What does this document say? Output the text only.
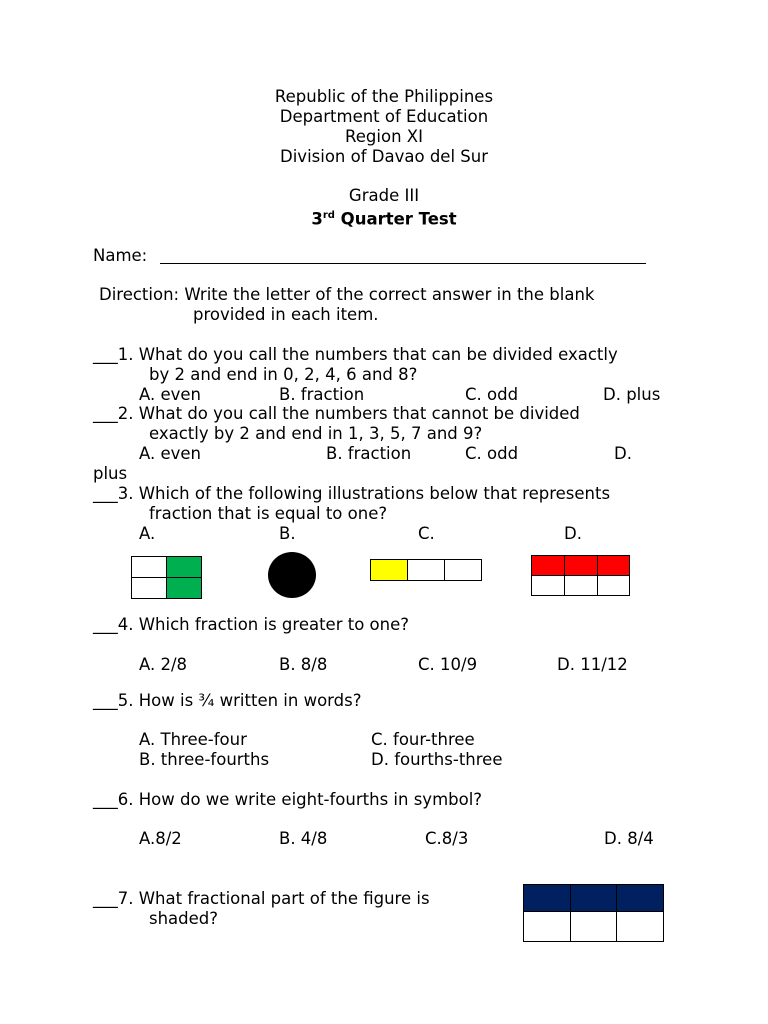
Republic of the Philippines
Department of Education
Region XI
Division of Davao del Sur
Grade III
3rd Quarter Test
Name:
Direction: Write the letter of the correct answer in the blank
provided in each item.
___1. What do you call the numbers that can be divided exactly
by 2 and end in 0, 2, 4, 6 and 8?
A. even	B. fraction	C. odd	D. plus
___2. What do you call the numbers that cannot be divided
exactly by 2 and end in 1, 3, 5, 7 and 9?
A. even	B. fraction	C. odd	D.
plus
___3. Which of the following illustrations below that represents
fraction that is equal to one?
A.	B.	C.	D.
___4. Which fraction is greater to one?
A. 2/8	B. 8/8	C. 10/9	D. 11/12
___5. How is ¾ written in words?
A. Three-four	C. four-three
B. three-fourths	D. fourths-three
___6. How do we write eight-fourths in symbol?
A.8/2	B. 4/8	C.8/3	D. 8/4
___7. What fractional part of the figure is
shaded?
